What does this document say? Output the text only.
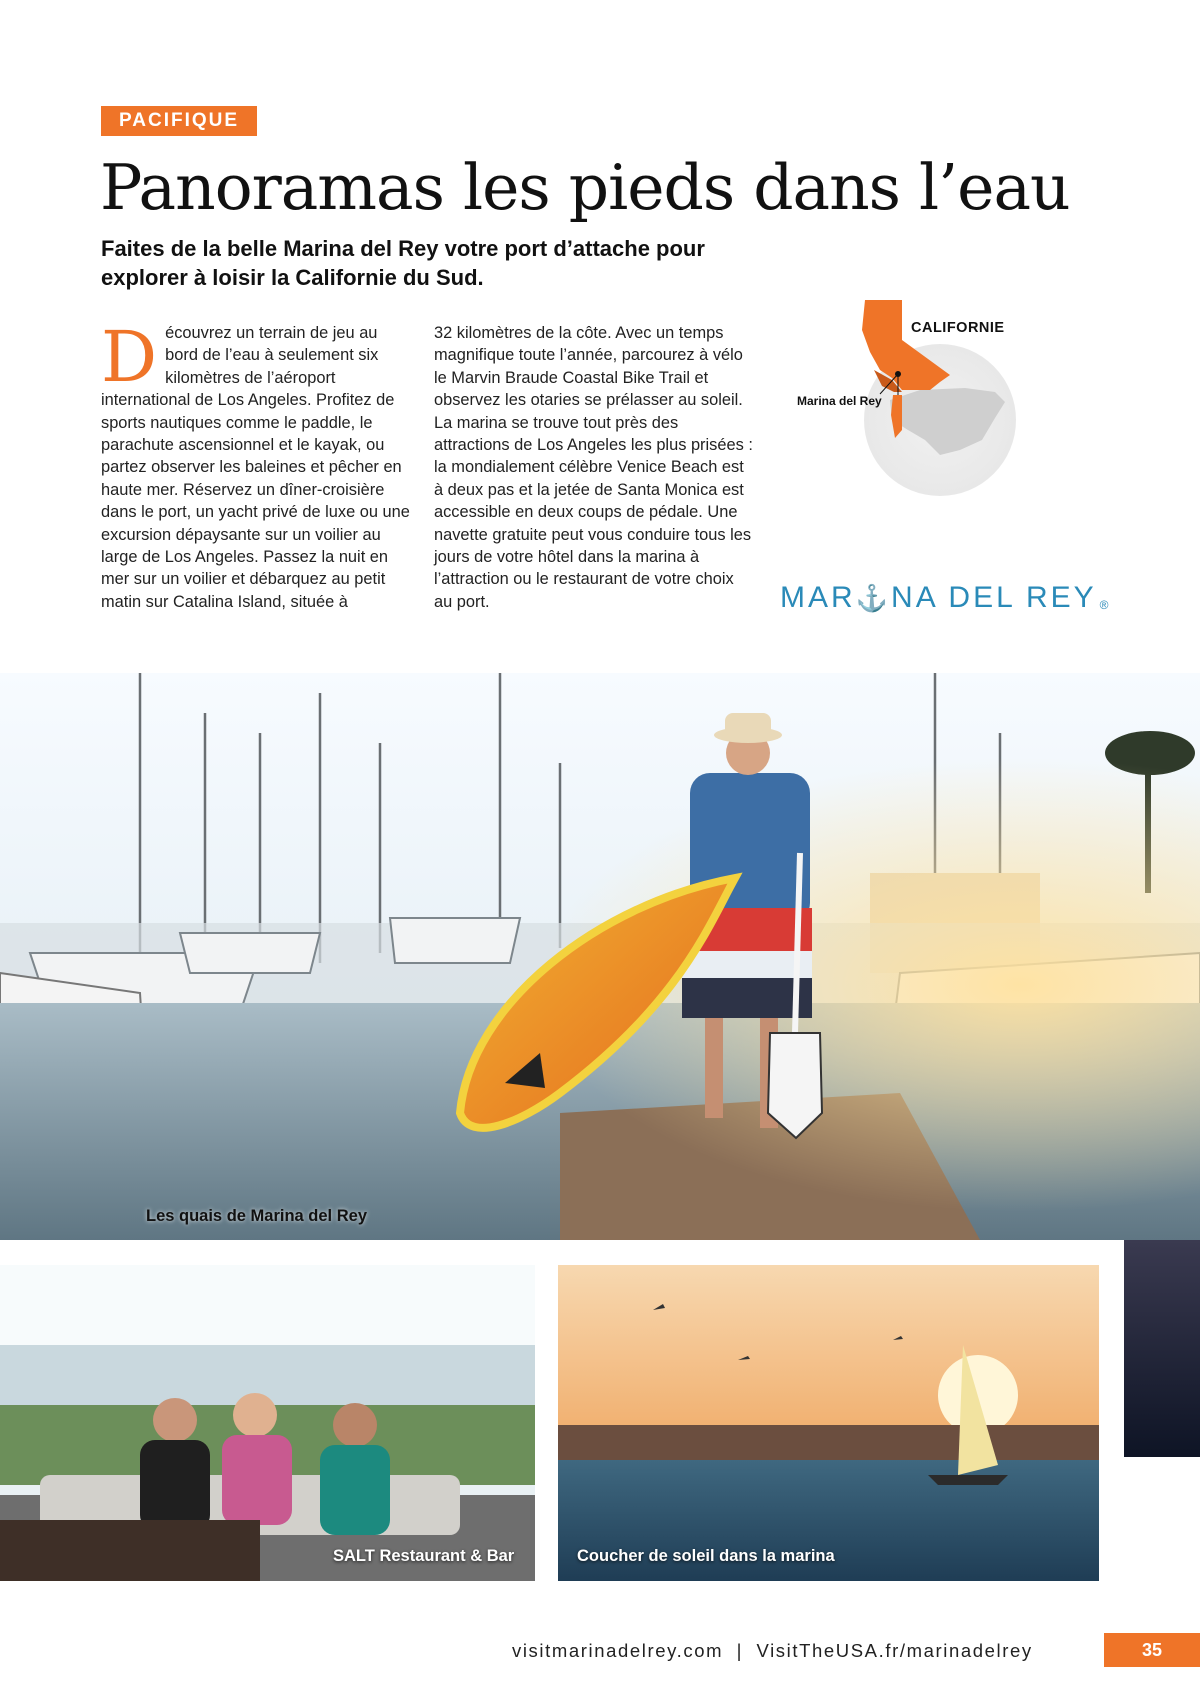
PACIFIQUE
Panoramas les pieds dans l’eau

Faites de la belle Marina del Rey votre port d’attache pour explorer à loisir la Californie du Sud.

Découvrez un terrain de jeu au bord de l’eau à seulement six kilomètres de l’aéroport international de Los Angeles. Profitez de sports nautiques comme le paddle, le parachute ascensionnel et le kayak, ou partez observer les baleines et pêcher en haute mer. Réservez un dîner-croisière dans le port, un yacht privé de luxe ou une excursion dépaysante sur un voilier au large de Los Angeles. Passez la nuit en mer sur un voilier et débarquez au petit matin sur Catalina Island, située à

32 kilomètres de la côte. Avec un temps magnifique toute l’année, parcourez à vélo le Marvin Braude Coastal Bike Trail et observez les otaries se prélasser au soleil. La marina se trouve tout près des attractions de Los Angeles les plus prisées : la mondialement célèbre Venice Beach est à deux pas et la jetée de Santa Monica est accessible en deux coups de pédale. Une navette gratuite peut vous conduire tous les jours de votre hôtel dans la marina à l’attraction ou le restaurant de votre choix au port.

CALIFORNIE
Marina del Rey
MAR ⚓ NA DEL REY ®
Les quais de Marina del Rey
SALT Restaurant & Bar	Coucher de soleil dans la marina
visitmarinadelrey.com  |  VisitTheUSA.fr/marinadelrey	35
